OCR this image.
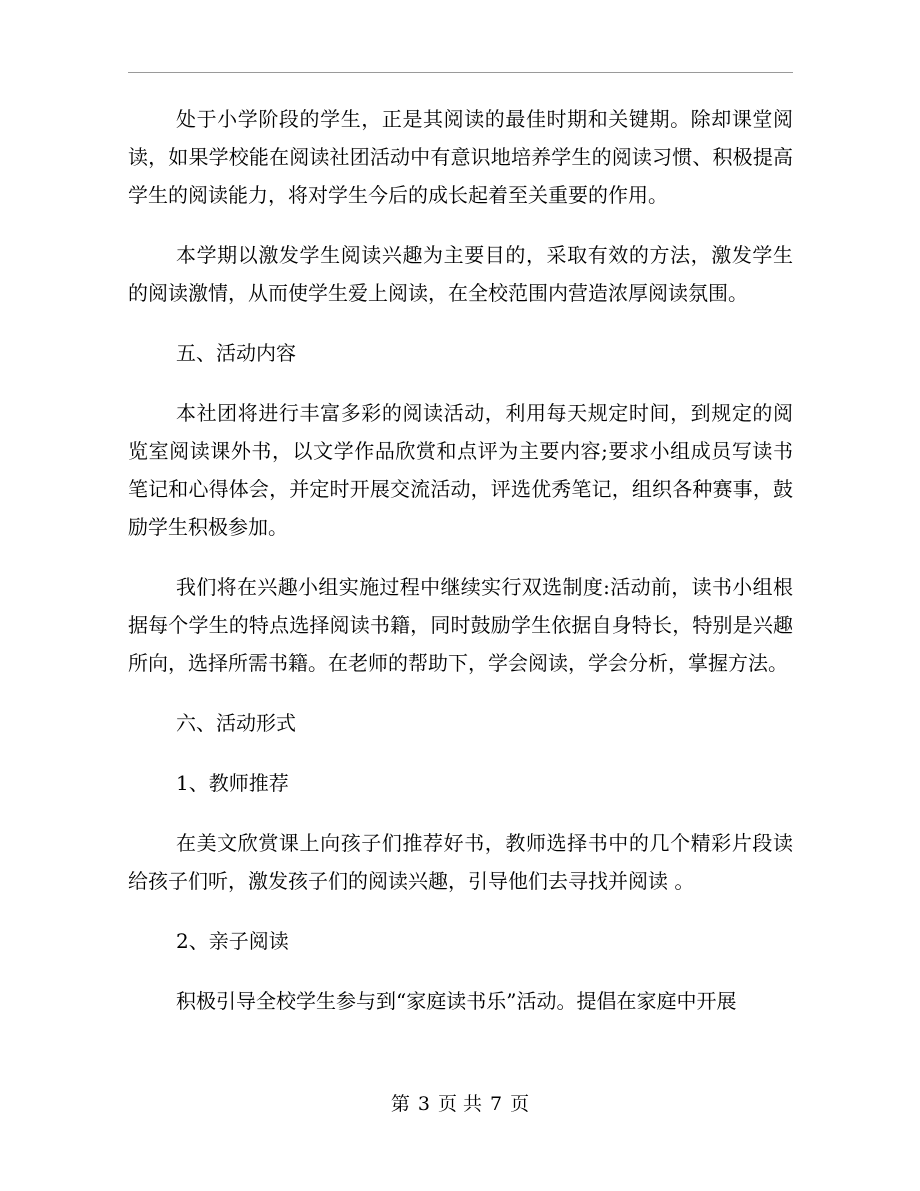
处于小学阶段的学生，正是其阅读的最佳时期和关键期。除却课堂阅读，如果学校能在阅读社团活动中有意识地培养学生的阅读习惯、积极提高学生的阅读能力，将对学生今后的成长起着至关重要的作用。

本学期以激发学生阅读兴趣为主要目的，采取有效的方法，激发学生的阅读激情，从而使学生爱上阅读，在全校范围内营造浓厚阅读氛围。

五、活动内容

本社团将进行丰富多彩的阅读活动，利用每天规定时间，到规定的阅览室阅读课外书，以文学作品欣赏和点评为主要内容;要求小组成员写读书笔记和心得体会，并定时开展交流活动，评选优秀笔记，组织各种赛事，鼓励学生积极参加。

我们将在兴趣小组实施过程中继续实行双选制度:活动前，读书小组根据每个学生的特点选择阅读书籍，同时鼓励学生依据自身特长，特别是兴趣所向，选择所需书籍。在老师的帮助下，学会阅读，学会分析，掌握方法。

六、活动形式

1、教师推荐

在美文欣赏课上向孩子们推荐好书，教师选择书中的几个精彩片段读给孩子们听，激发孩子们的阅读兴趣，引导他们去寻找并阅读 。

2、亲子阅读

积极引导全校学生参与到“家庭读书乐”活动。提倡在家庭中开展

第 3 页 共 7 页
